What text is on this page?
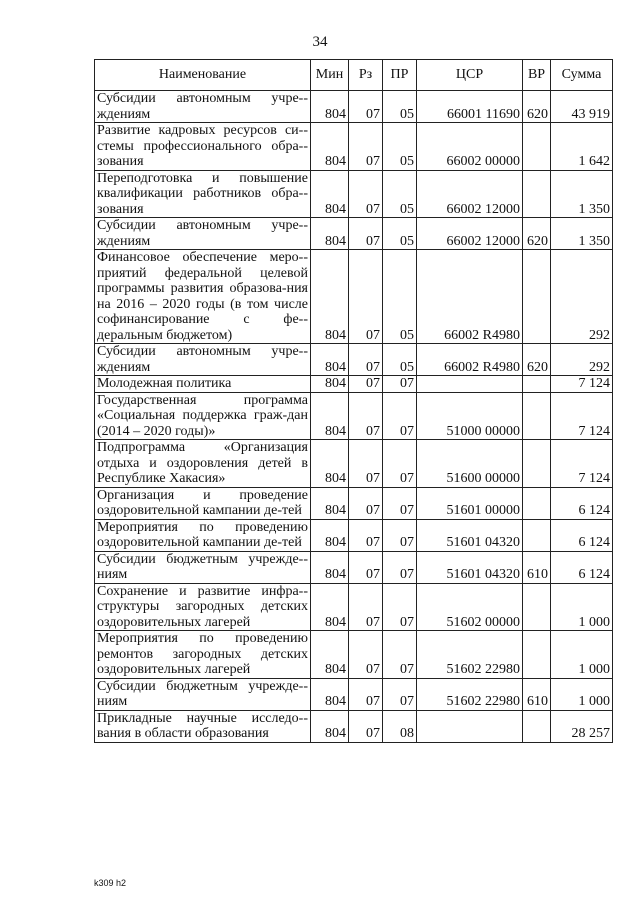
34
Наименование	Мин	Рз	ПР	ЦСР	ВР	Сумма
Субсидии автономным учре-ждениям	804	07	05	66001 11690	620	43 919
Развитие кадровых ресурсов си-стемы профессионального обра-зования	804	07	05	66002 00000		1 642
Переподготовка и повышение квалификации работников обра-зования	804	07	05	66002 12000		1 350
Субсидии автономным учре-ждениям	804	07	05	66002 12000	620	1 350
Финансовое обеспечение меро-приятий федеральной целевой программы развития образова-ния на 2016 – 2020 годы (в том числе софинансирование с фе-деральным бюджетом)	804	07	05	66002 R4980		292
Субсидии автономным учре-ждениям	804	07	05	66002 R4980	620	292
Молодежная политика	804	07	07			7 124
Государственная программа «Социальная поддержка граж-дан (2014 – 2020 годы)»	804	07	07	51000 00000		7 124
Подпрограмма «Организация отдыха и оздоровления детей в Республике Хакасия»	804	07	07	51600 00000		7 124
Организация и проведение оздоровительной кампании де-тей	804	07	07	51601 00000		6 124
Мероприятия по проведению оздоровительной кампании де-тей	804	07	07	51601 04320		6 124
Субсидии бюджетным учрежде-ниям	804	07	07	51601 04320	610	6 124
Сохранение и развитие инфра-структуры загородных детских оздоровительных лагерей	804	07	07	51602 00000		1 000
Мероприятия по проведению ремонтов загородных детских оздоровительных лагерей	804	07	07	51602 22980		1 000
Субсидии бюджетным учрежде-ниям	804	07	07	51602 22980	610	1 000
Прикладные научные исследо-вания в области образования	804	07	08			28 257
k309 h2
